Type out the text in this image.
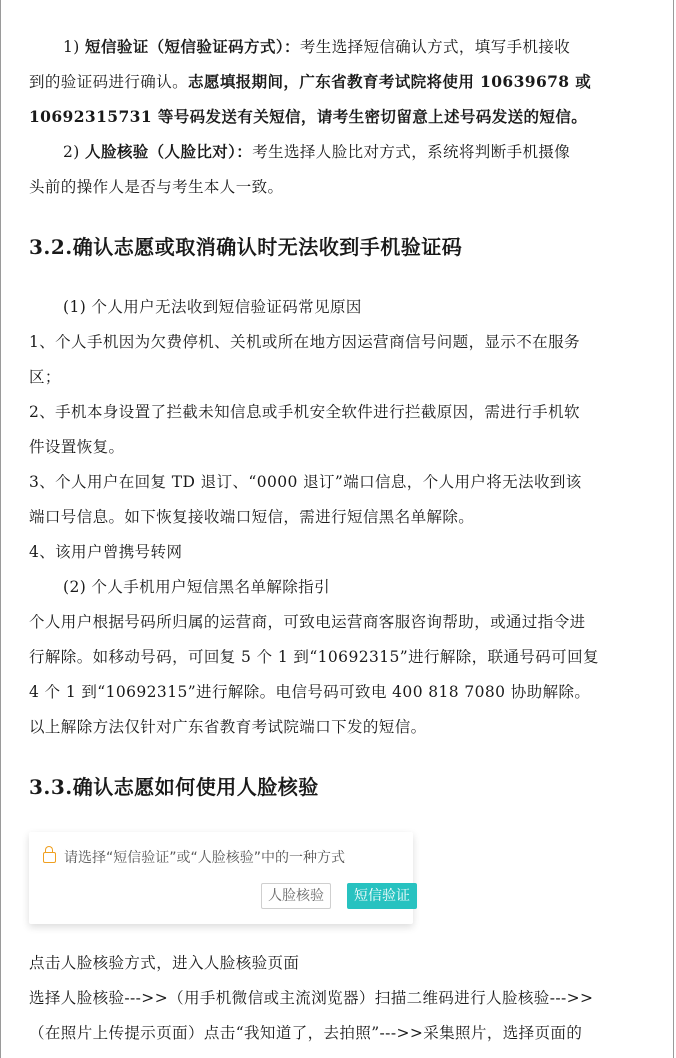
1) 短信验证（短信验证码方式）：考生选择短信确认方式，填写手机接收
到的验证码进行确认。志愿填报期间，广东省教育考试院将使用 10639678 或
10692315731 等号码发送有关短信，请考生密切留意上述号码发送的短信。
2) 人脸核验（人脸比对）：考生选择人脸比对方式，系统将判断手机摄像
头前的操作人是否与考生本人一致。
3.2.确认志愿或取消确认时无法收到手机验证码
(1) 个人用户无法收到短信验证码常见原因
1、个人手机因为欠费停机、关机或所在地方因运营商信号问题，显示不在服务
区；
2、手机本身设置了拦截未知信息或手机安全软件进行拦截原因，需进行手机软
件设置恢复。
3、个人用户在回复 TD 退订、“0000 退订”端口信息，个人用户将无法收到该
端口号信息。如下恢复接收端口短信，需进行短信黑名单解除。
4、该用户曾携号转网
(2) 个人手机用户短信黑名单解除指引
个人用户根据号码所归属的运营商，可致电运营商客服咨询帮助，或通过指令进
行解除。如移动号码，可回复 5 个 1 到“10692315”进行解除，联通号码可回复
4 个 1 到“10692315”进行解除。电信号码可致电 400 818 7080 协助解除。
以上解除方法仅针对广东省教育考试院端口下发的短信。
3.3.确认志愿如何使用人脸核验
请选择“短信验证”或“人脸核验”中的一种方式
人脸核验	短信验证
点击人脸核验方式，进入人脸核验页面
选择人脸核验--->>（用手机微信或主流浏览器）扫描二维码进行人脸核验--->>
（在照片上传提示页面）点击“我知道了，去拍照”--->>采集照片，选择页面的
